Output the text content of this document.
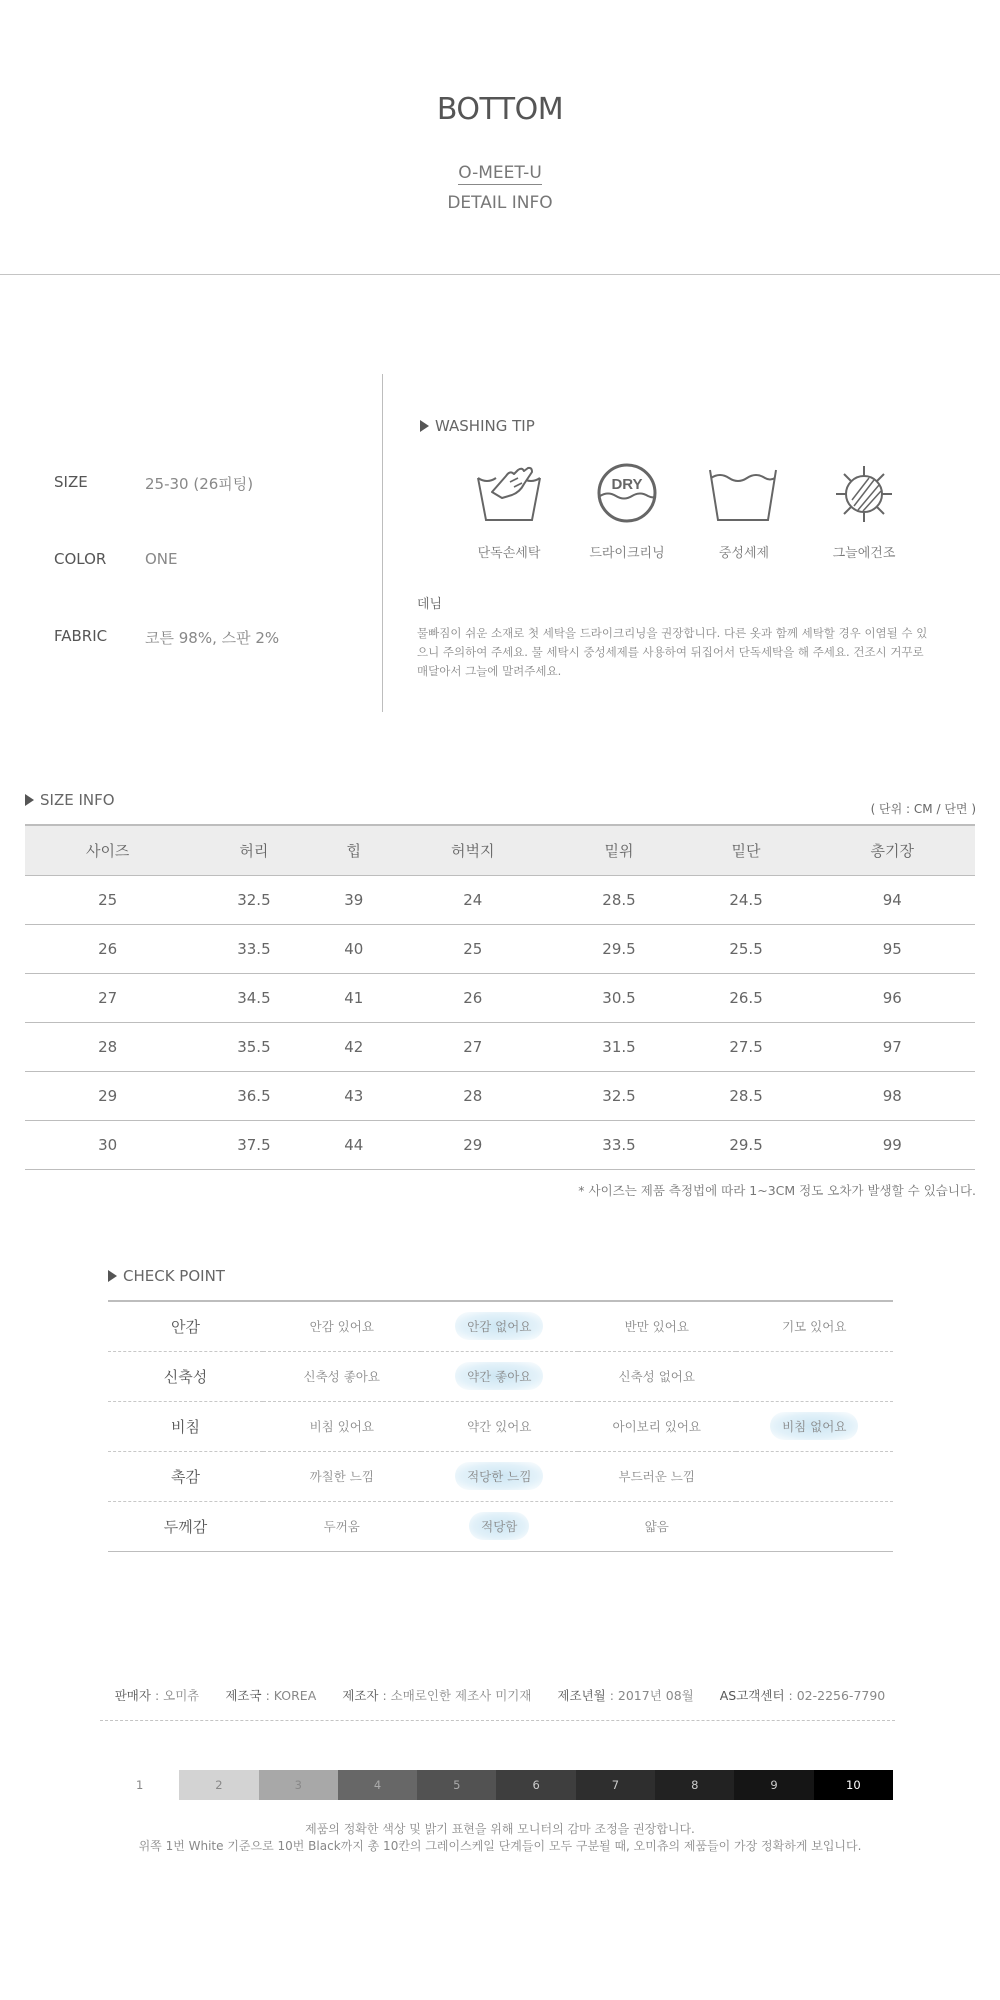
BOTTOM
O-MEET-U
DETAIL INFO
SIZE	25-30 (26피팅)
COLOR	ONE
FABRIC	코튼 98%, 스판 2%
WASHING TIP
단독손세탁
DRY
드라이크리닝	중성세제	그늘에건조
데님
물빠짐이 쉬운 소재로 첫 세탁을 드라이크리닝을 권장합니다. 다른 옷과 함께 세탁할 경우 이염될 수 있으니 주의하여 주세요. 물 세탁시 중성세제를 사용하여 뒤집어서 단독세탁을 해 주세요. 건조시 거꾸로 매달아서 그늘에 말려주세요.
SIZE INFO	( 단위 : CM / 단면 )
사이즈	허리	힙	허벅지	밑위	밑단	총기장
25	32.5	39	24	28.5	24.5	94
26	33.5	40	25	29.5	25.5	95
27	34.5	41	26	30.5	26.5	96
28	35.5	42	27	31.5	27.5	97
29	36.5	43	28	32.5	28.5	98
30	37.5	44	29	33.5	29.5	99
* 사이즈는 제품 측정법에 따라 1~3CM 정도 오차가 발생할 수 있습니다.
CHECK POINT
안감	안감 있어요	안감 없어요	반만 있어요	기모 있어요
신축성	신축성 좋아요	약간 좋아요	신축성 없어요	
비침	비침 있어요	약간 있어요	아이보리 있어요	비침 없어요
촉감	까칠한 느낌	적당한 느낌	부드러운 느낌	
두께감	두꺼움	적당함	얇음	
판매자 : 오미츄 제조국 : KOREA 제조자 : 소매로인한 제조사 미기재 제조년월 : 2017년 08월 AS고객센터 : 02-2256-7790
1	2	3	4	5	6	7	8	9	10
제품의 정확한 색상 및 밝기 표현을 위해 모니터의 감마 조정을 권장합니다.
위쪽 1번 White 기준으로 10번 Black까지 총 10칸의 그레이스케일 단계들이 모두 구분될 때, 오미츄의 제품들이 가장 정확하게 보입니다.
